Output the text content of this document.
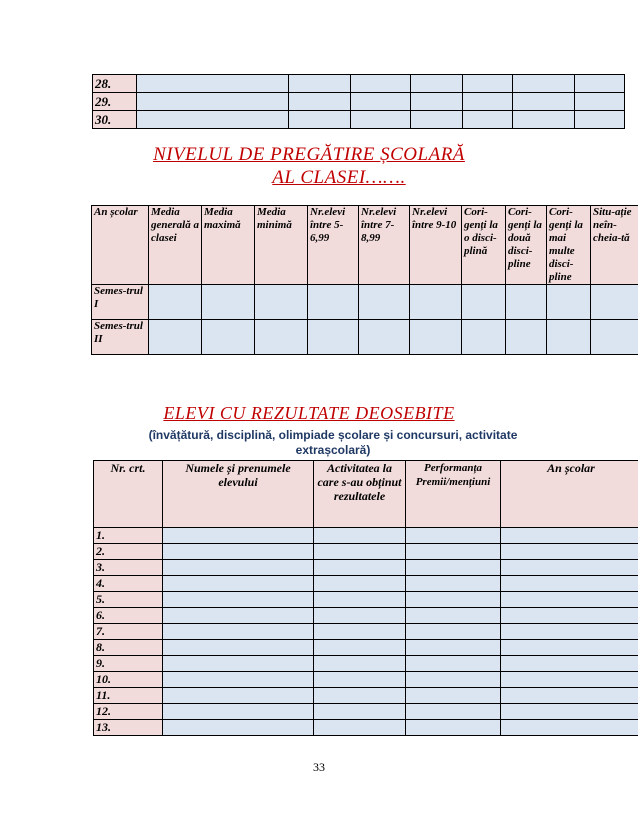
28.							
29.							
30.							
NIVELUL DE PREGĂTIRE ȘCOLARĂ
AL CLASEI…….
An școlar	Media generală a clasei	Media maximă	Media minimă	Nr.elevi între 5-6,99	Nr.elevi între 7-8,99	Nr.elevi între 9-10	Cori-genți la o disci-plină	Cori-genți la două disci-pline	Cori-genți la mai multe disci-pline	Situ-ație neîn-cheia-tă
Semes-trul I										
Semes-trul II										
ELEVI CU REZULTATE DEOSEBITE
(învățătură, disciplină, olimpiade școlare și concursuri, activitate extrașcolară)
Nr. crt.	Numele și prenumele elevului	Activitatea la care s-au obținut rezultatele	Performanța Premii/mențiuni	An școlar
1.				
2.				
3.				
4.				
5.				
6.				
7.				
8.				
9.				
10.				
11.				
12.				
13.				
33
